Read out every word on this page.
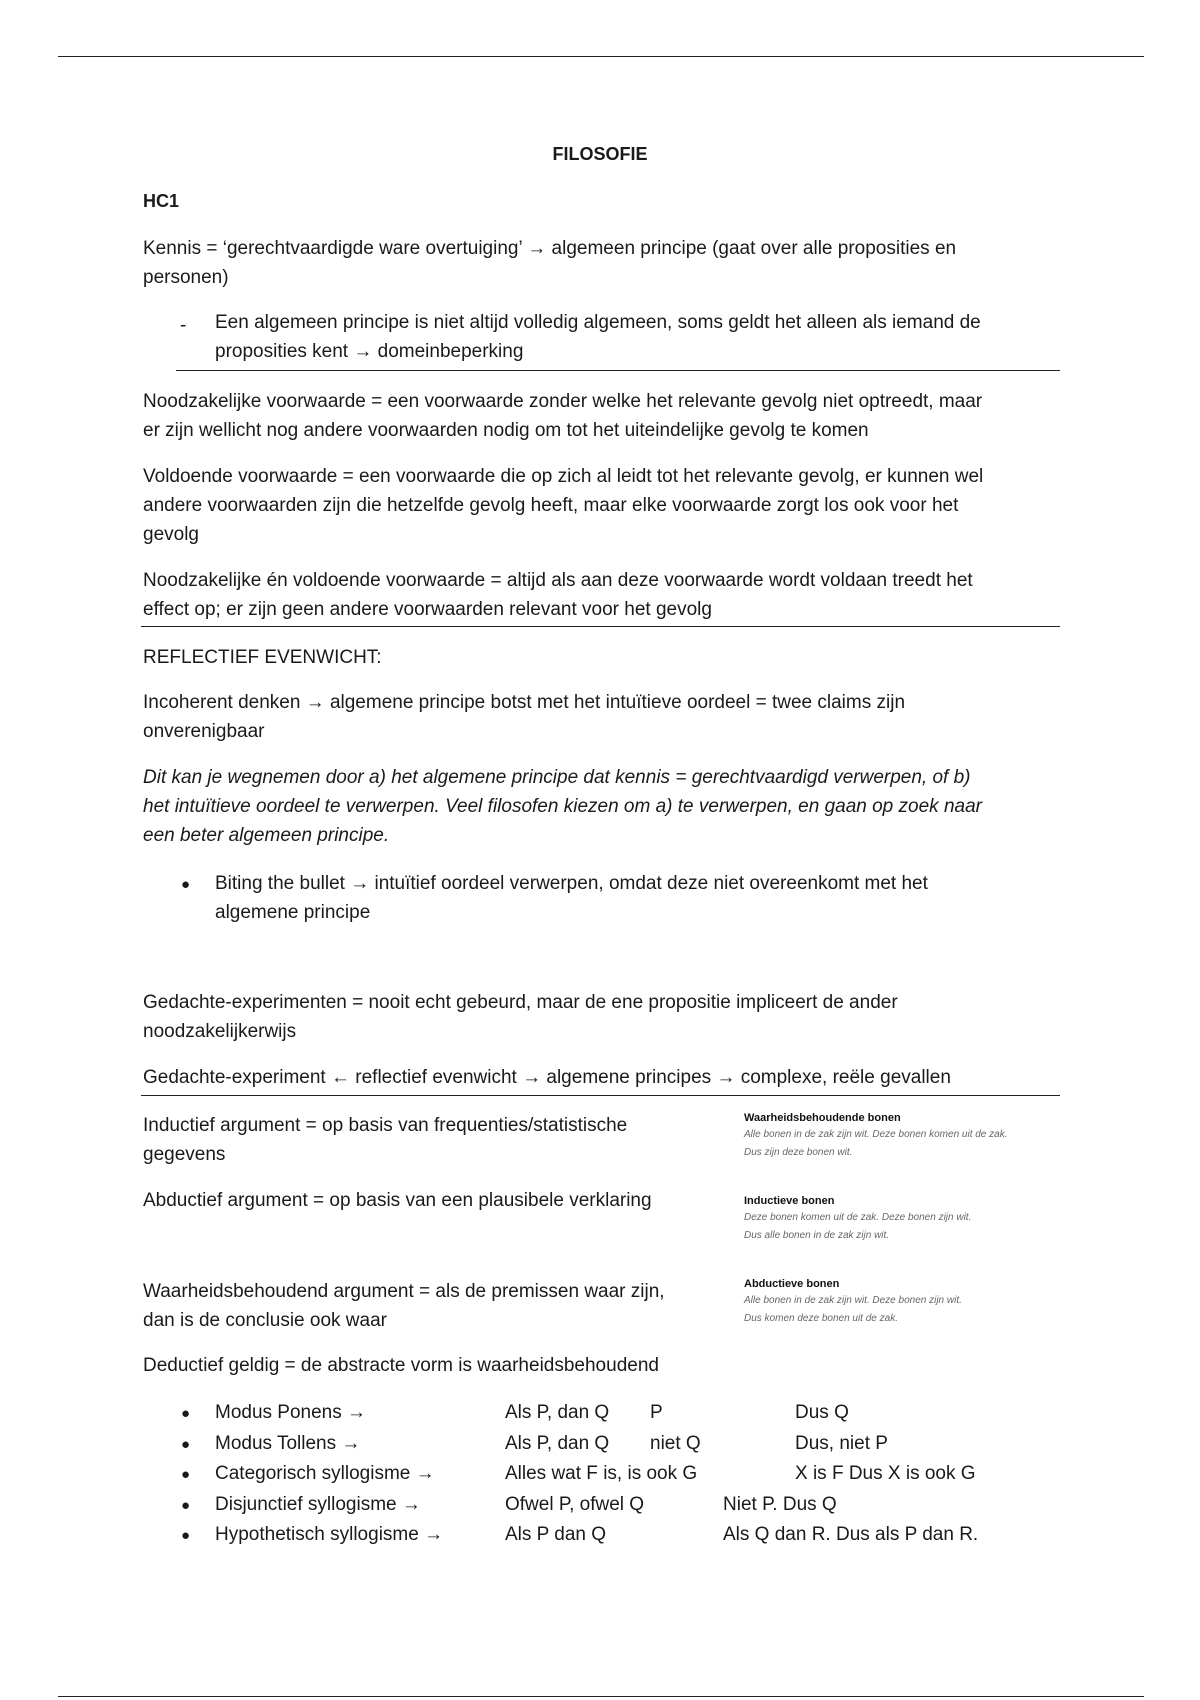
FILOSOFIE
HC1
Kennis = ‘gerechtvaardigde ware overtuiging’ → algemeen principe (gaat over alle proposities en
personen)
- Een algemeen principe is niet altijd volledig algemeen, soms geldt het alleen als iemand de
proposities kent → domeinbeperking
Noodzakelijke voorwaarde = een voorwaarde zonder welke het relevante gevolg niet optreedt, maar
er zijn wellicht nog andere voorwaarden nodig om tot het uiteindelijke gevolg te komen
Voldoende voorwaarde = een voorwaarde die op zich al leidt tot het relevante gevolg, er kunnen wel
andere voorwaarden zijn die hetzelfde gevolg heeft, maar elke voorwaarde zorgt los ook voor het
gevolg
Noodzakelijke én voldoende voorwaarde = altijd als aan deze voorwaarde wordt voldaan treedt het
effect op; er zijn geen andere voorwaarden relevant voor het gevolg
REFLECTIEF EVENWICHT:
Incoherent denken → algemene principe botst met het intuïtieve oordeel = twee claims zijn
onverenigbaar
Dit kan je wegnemen door a) het algemene principe dat kennis = gerechtvaardigd verwerpen, of b)
het intuïtieve oordeel te verwerpen. Veel filosofen kiezen om a) te verwerpen, en gaan op zoek naar
een beter algemeen principe.
● Biting the bullet → intuïtief oordeel verwerpen, omdat deze niet overeenkomt met het
algemene principe
Gedachte-experimenten = nooit echt gebeurd, maar de ene propositie impliceert de ander
noodzakelijkerwijs
Gedachte-experiment ← reflectief evenwicht → algemene principes → complexe, reële gevallen
Inductief argument = op basis van frequenties/statistische
gegevens
Abductief argument = op basis van een plausibele verklaring
Waarheidsbehoudend argument = als de premissen waar zijn,
dan is de conclusie ook waar
Deductief geldig = de abstracte vorm is waarheidsbehoudend

Waarheidsbehoudende bonen

Alle bonen in de zak zijn wit. Deze bonen komen uit de zak.

Dus zijn deze bonen wit.

Inductieve bonen

Deze bonen komen uit de zak. Deze bonen zijn wit.

Dus alle bonen in de zak zijn wit.

Abductieve bonen

Alle bonen in de zak zijn wit. Deze bonen zijn wit.

Dus komen deze bonen uit de zak.

● Modus Ponens →	Als P, dan Q P	Dus Q
● Modus Tollens →	Als P, dan Q niet Q	Dus, niet P
● Categorisch syllogisme →	Alles wat F is, is ook G	X is F Dus X is ook G
● Disjunctief syllogisme →	Ofwel P, ofwel Q	Niet P. Dus Q
● Hypothetisch syllogisme →	Als P dan Q	Als Q dan R. Dus als P dan R.
